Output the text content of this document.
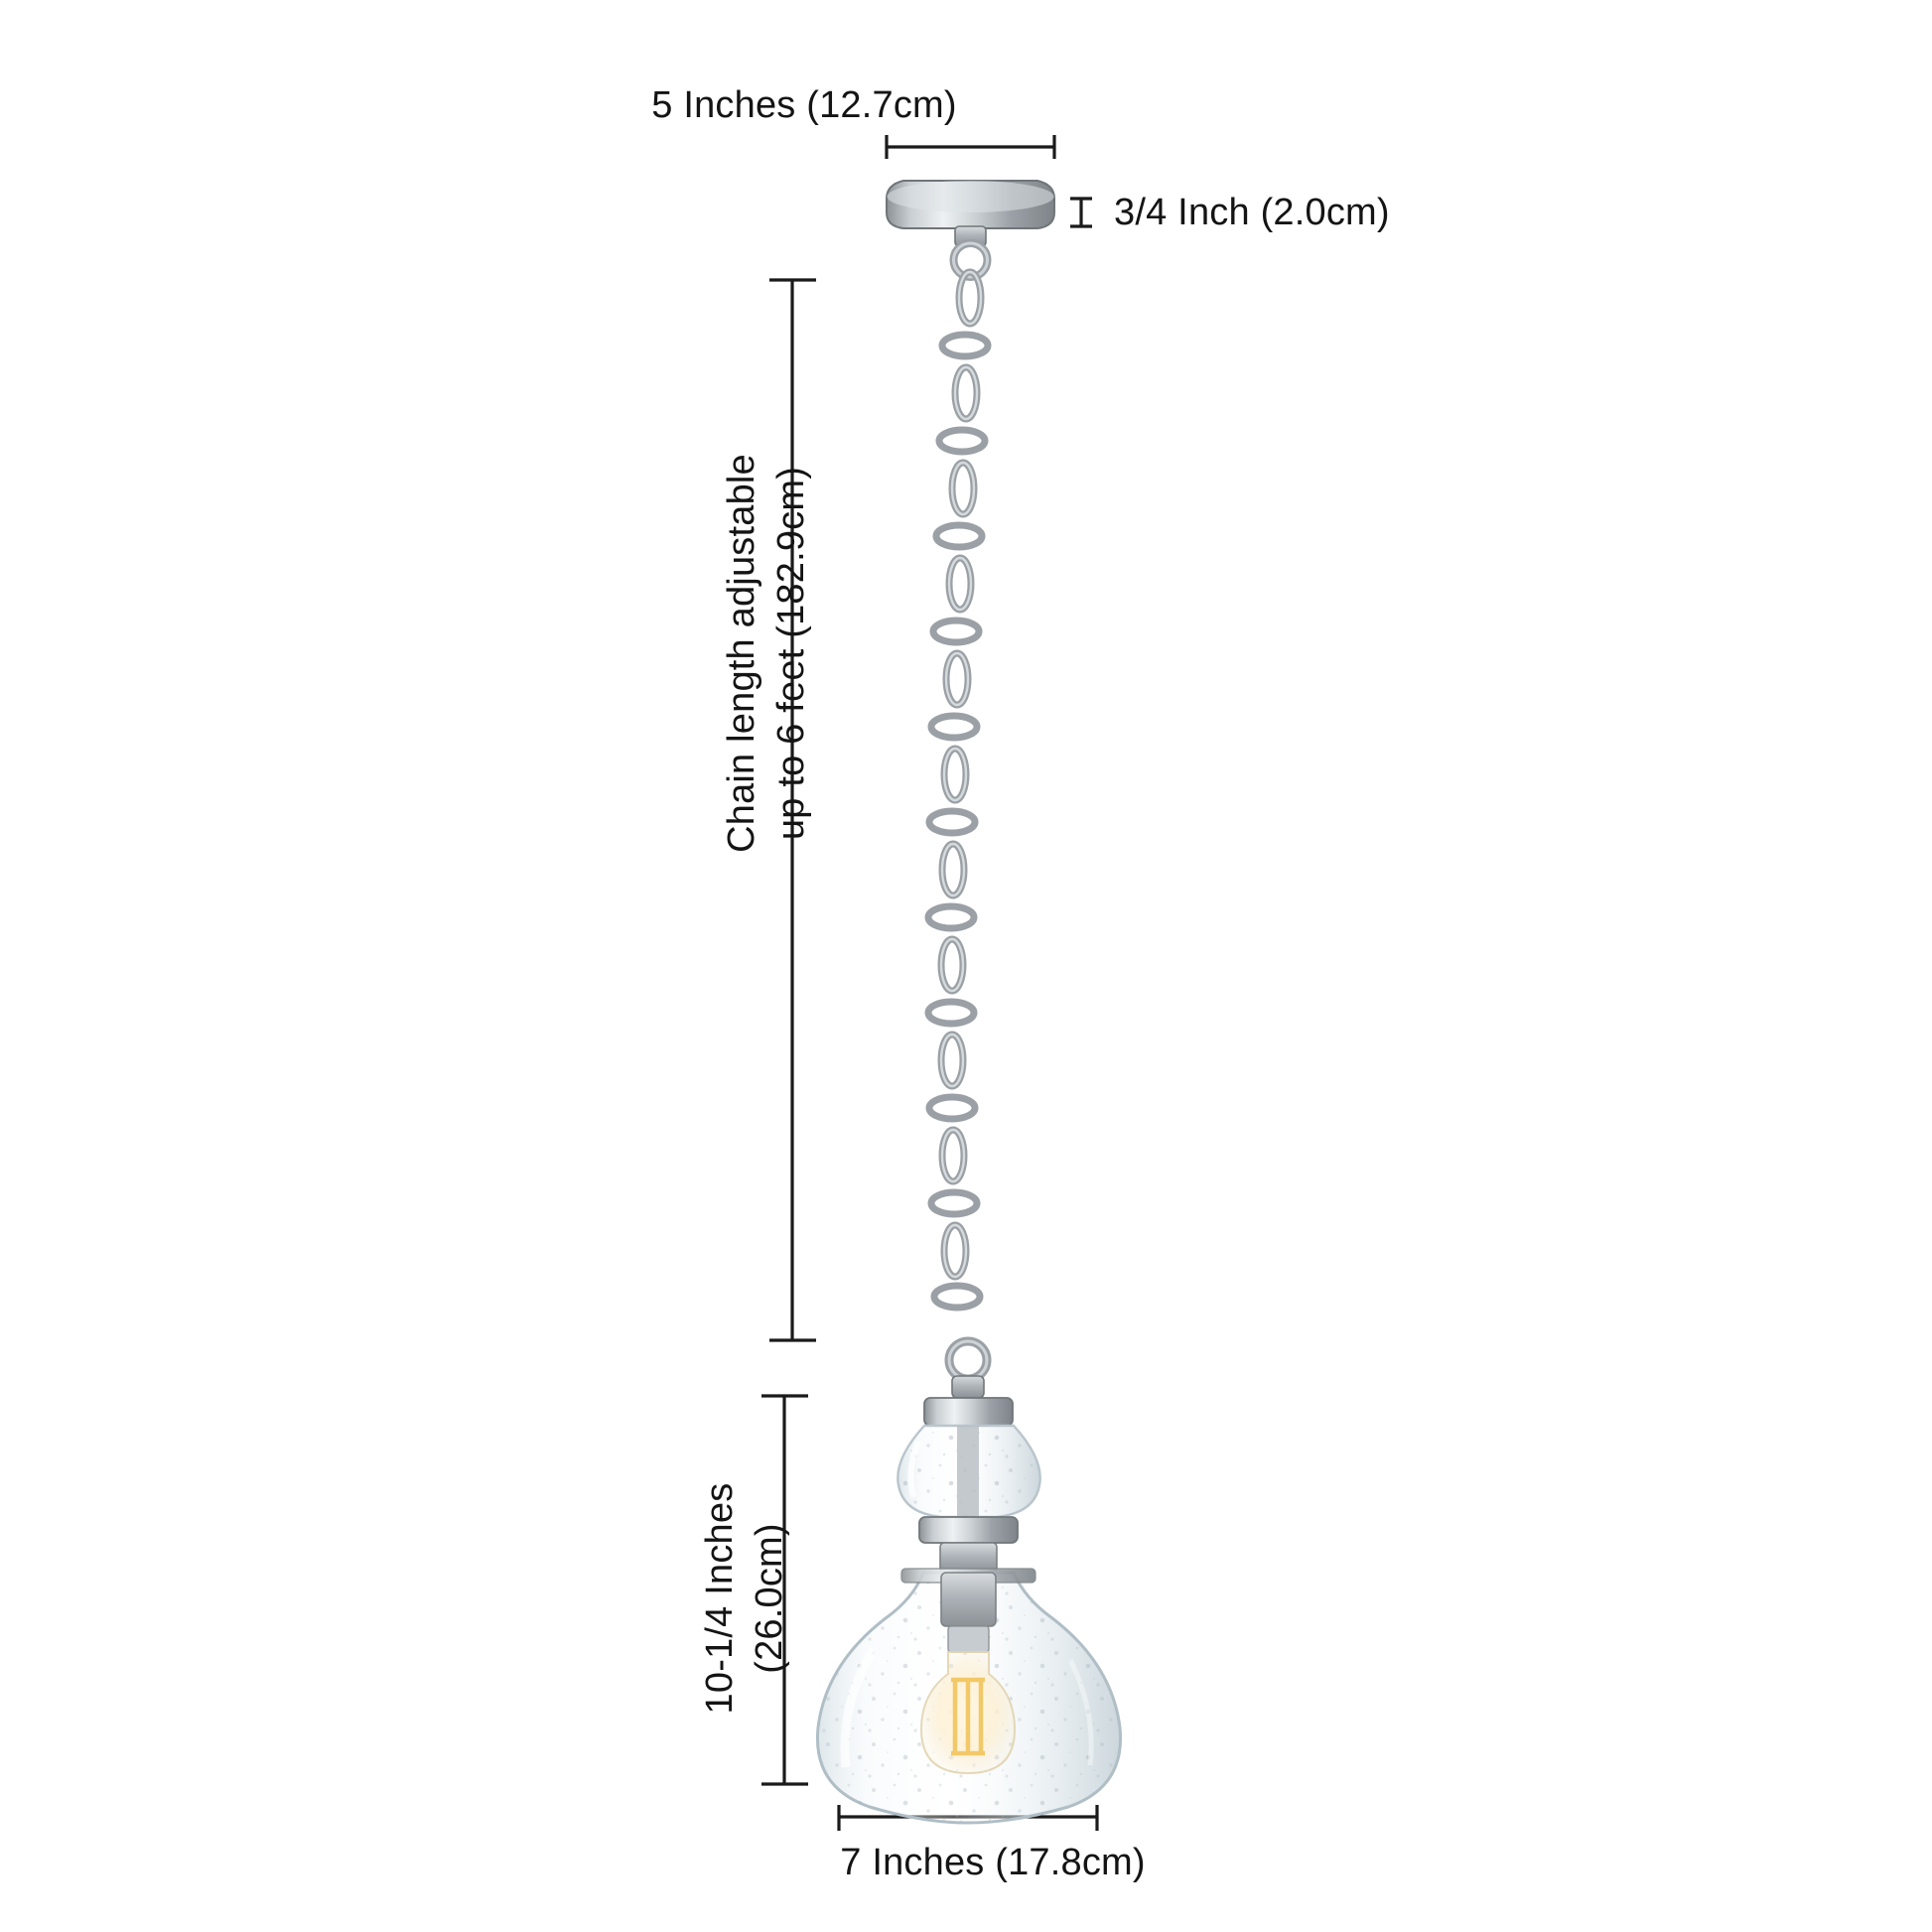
5 Inches (12.7cm)
3/4 Inch (2.0cm)
Chain length adjustable up to 6 feet (182.9cm)
10-1/4 Inches (26.0cm)
7 Inches (17.8cm)
